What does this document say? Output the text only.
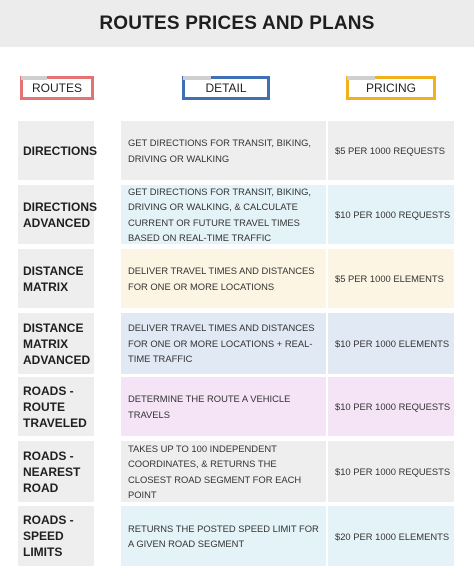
ROUTES PRICES AND PLANS
ROUTES	DETAIL	PRICING
DIRECTIONS
GET DIRECTIONS FOR TRANSIT, BIKING, DRIVING OR WALKING
$5 PER 1000 REQUESTS
DIRECTIONS ADVANCED
GET DIRECTIONS FOR TRANSIT, BIKING, DRIVING OR WALKING, & CALCULATE CURRENT OR FUTURE TRAVEL TIMES BASED ON REAL-TIME TRAFFIC
$10 PER 1000 REQUESTS
DISTANCE MATRIX
DELIVER TRAVEL TIMES AND DISTANCES FOR ONE OR MORE LOCATIONS
$5 PER 1000 ELEMENTS
DISTANCE MATRIX ADVANCED
DELIVER TRAVEL TIMES AND DISTANCES FOR ONE OR MORE LOCATIONS + REAL-TIME TRAFFIC
$10 PER 1000 ELEMENTS
ROADS - ROUTE TRAVELED
DETERMINE THE ROUTE A VEHICLE TRAVELS
$10 PER 1000 REQUESTS
ROADS - NEAREST ROAD
TAKES UP TO 100 INDEPENDENT COORDINATES, & RETURNS THE CLOSEST ROAD SEGMENT FOR EACH POINT
$10 PER 1000 REQUESTS
ROADS - SPEED LIMITS
RETURNS THE POSTED SPEED LIMIT FOR A GIVEN ROAD SEGMENT
$20 PER 1000 ELEMENTS
